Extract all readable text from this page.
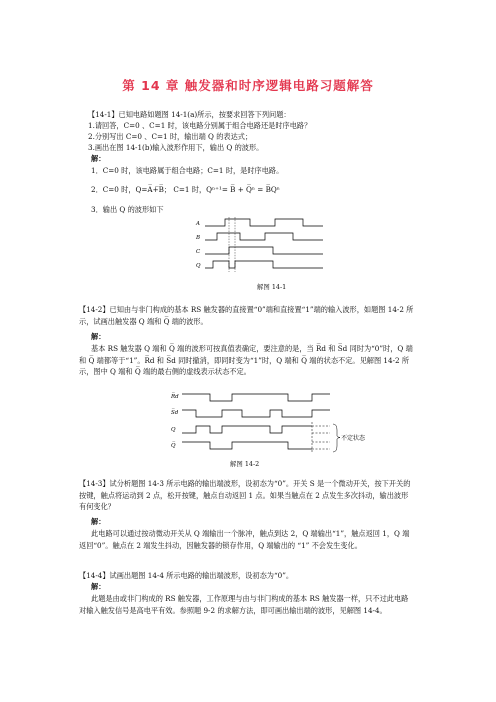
第 14 章 触发器和时序逻辑电路习题解答
【14-1】已知电路如题图 14-1(a)所示，按要求回答下列问题：
1.请回答，C=0 、C=1 时，该电路分别属于组合电路还是时序电路？
2.分别写出 C=0 、C=1 时，输出端 Q 的表达式；
3.画出在图 14-1(b)输入波形作用下，输出 Q 的波形。
解：
1．C=0 时，该电路属于组合电路；C=1 时，是时序电路。
2．C=0 时，Q=A̅+̅B̅； C=1 时，Qⁿ⁺¹= B̅ + Q̅ⁿ = B̅Qⁿ
3．输出 Q 的波形如下
A
B
C
Q
解图 14-1
【14-2】已知由与非门构成的基本 RS 触发器的直接置“0”端和直接置“1”端的输入波形，如题图 14-2 所示，试画出触发器 Q 端和 Q̅ 端的波形。
解：
基本 RS 触发器 Q 端和 Q̅ 端的波形可按真值表确定，要注意的是，当 R̅d 和 S̅d 同时为“0”时，Q 端和 Q̅ 端都等于“1”。R̅d 和 S̅d 同时撤消，即同时变为“1”时，Q 端和 Q̅ 端的状态不定。见解图 14-2 所示，图中 Q 端和 Q̅ 端的最右侧的虚线表示状态不定。
R̅d
S̅d
Q
Q̅
不定状态
解图 14-2
【14-3】试分析题图 14-3 所示电路的输出端波形，设初态为“0”。开关 S 是一个微动开关，按下开关的按键，触点将运动到 2 点，松开按键，触点自动返回 1 点。如果当触点在 2 点发生多次抖动，输出波形有何变化？
解：
此电路可以通过按动微动开关从 Q 端输出一个脉冲，触点到达 2，Q 端输出“1”，触点返回 1，Q 端返回“0”。触点在 2 端发生抖动，因触发器的锁存作用，Q 端输出的 “1” 不会发生变化。
【14-4】试画出题图 14-4 所示电路的输出端波形，设初态为“0”。
解：
此题是由或非门构成的 RS 触发器，工作原理与由与非门构成的基本 RS 触发器一样，只不过此电路对输入触发信号是高电平有效。参照题 9-2 的求解方法，即可画出输出端的波形，见解图 14-4。
